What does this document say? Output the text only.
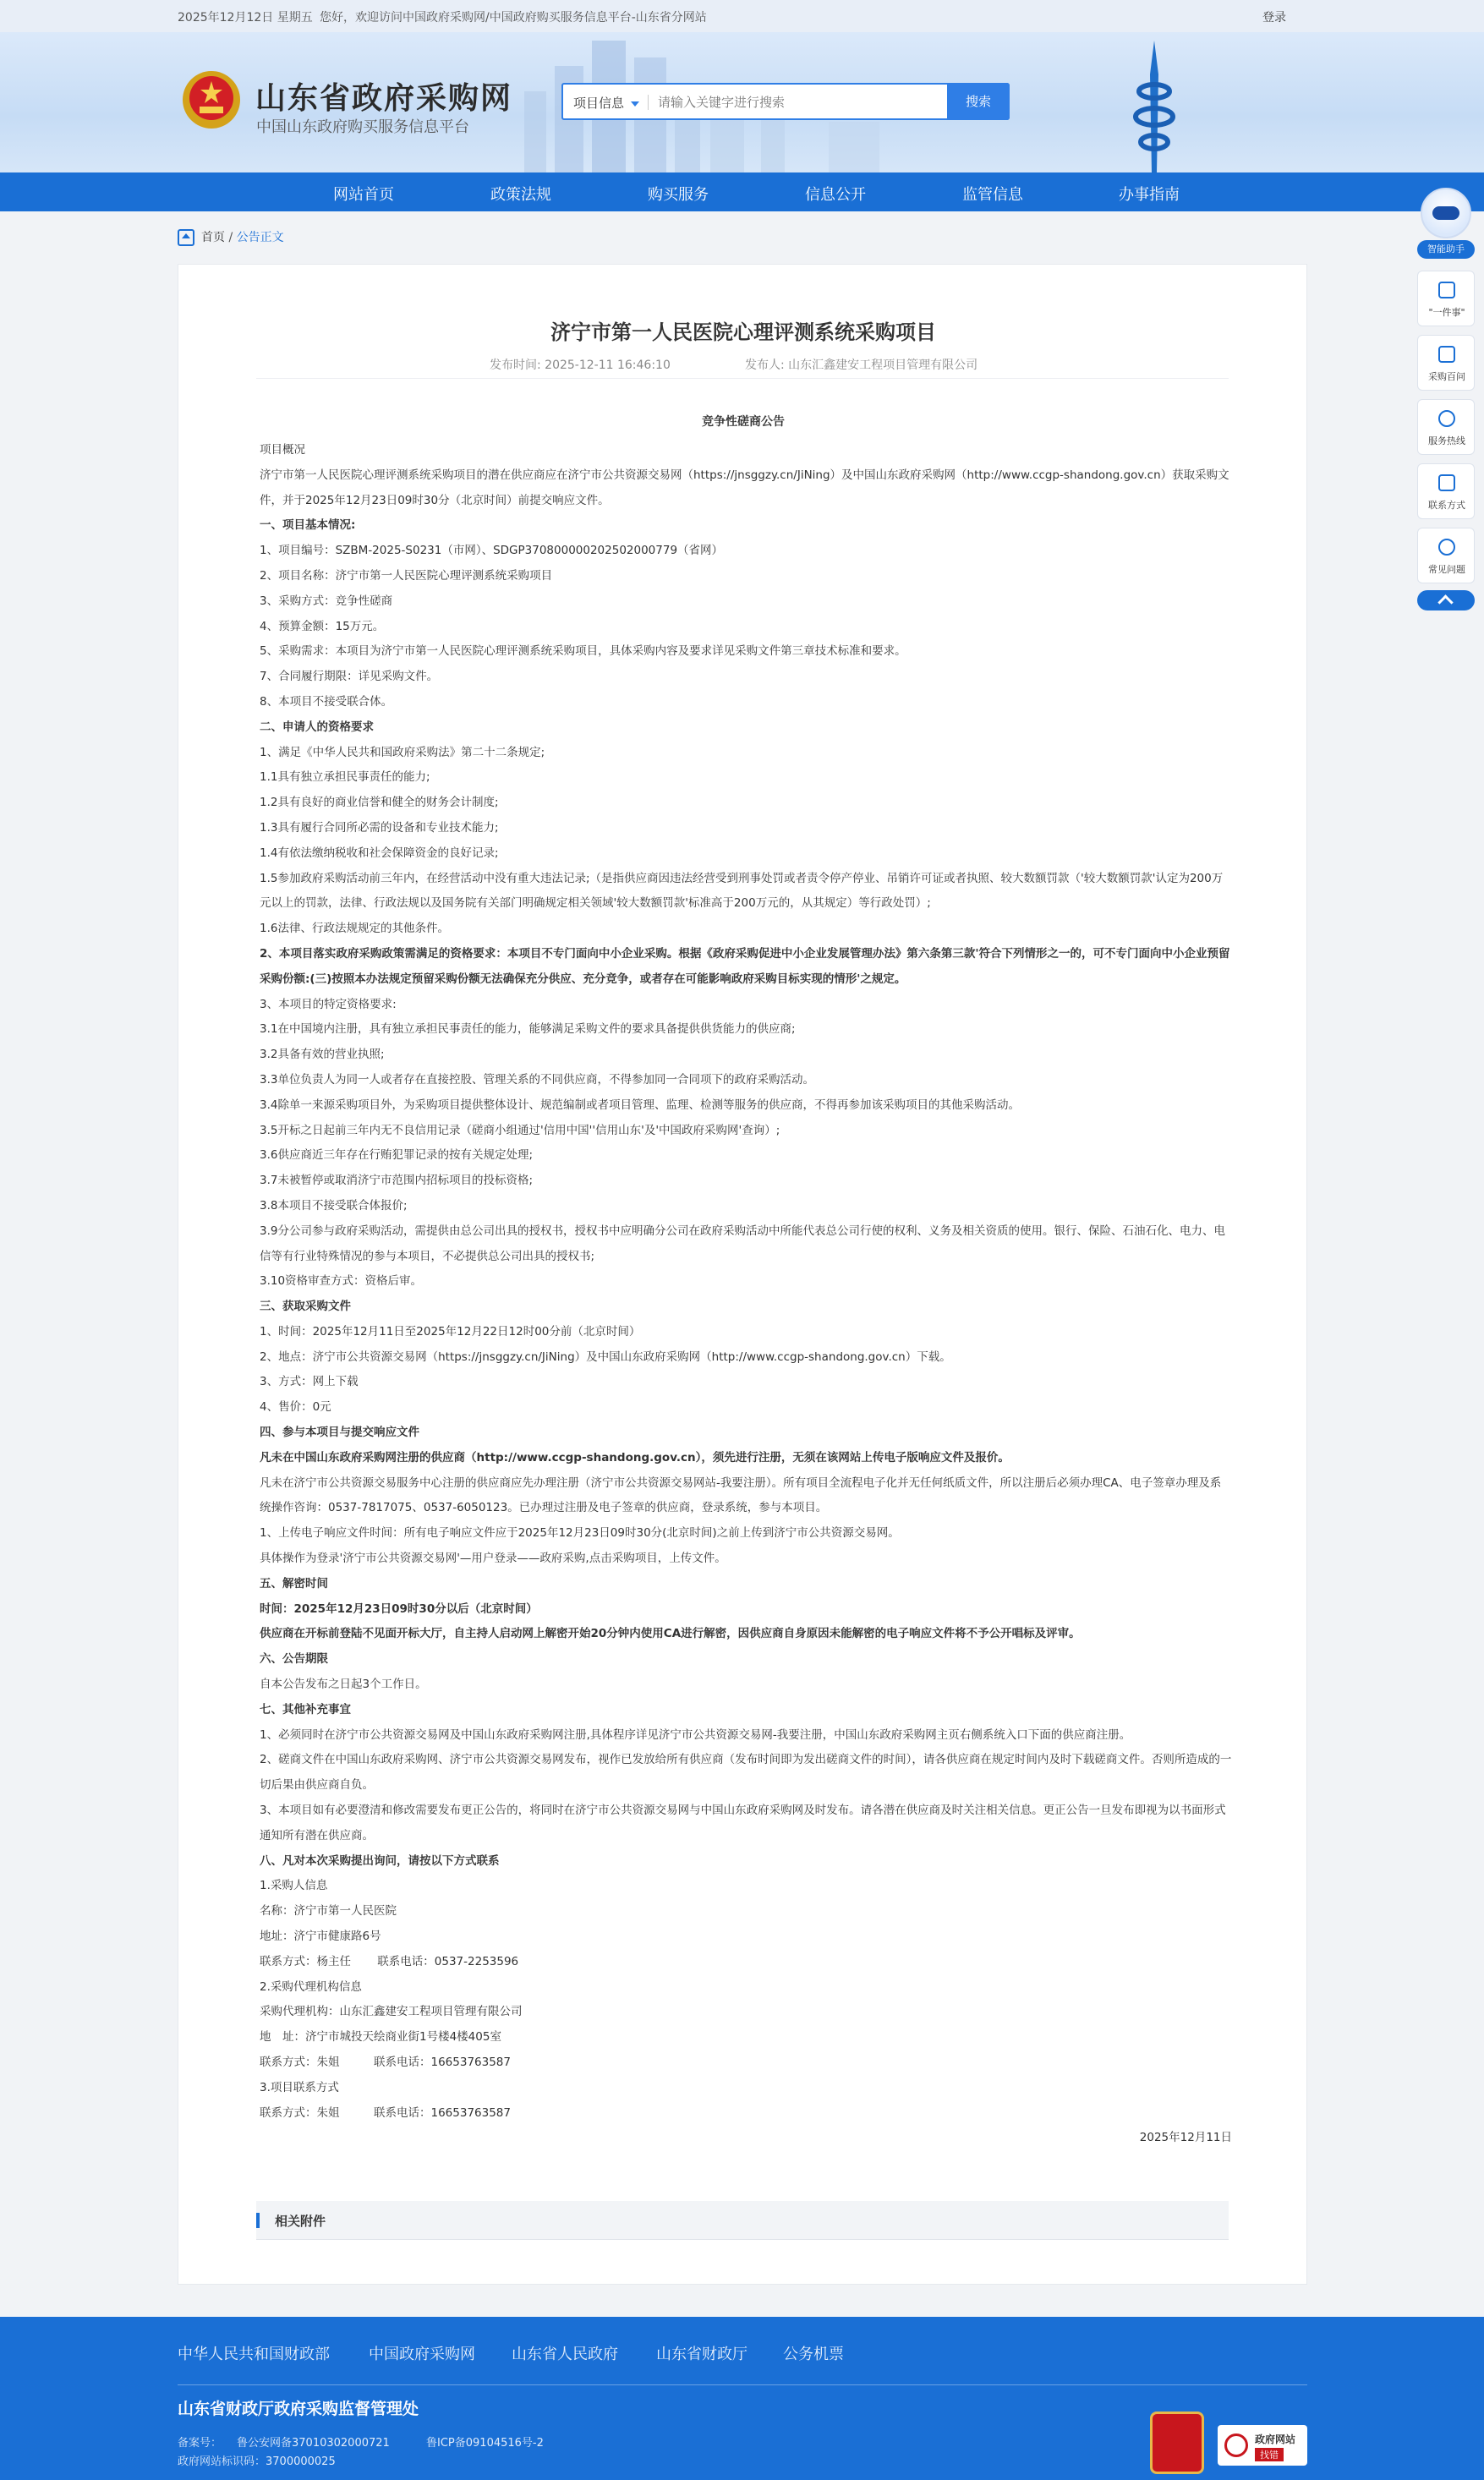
2025年12月12日 星期五 您好，欢迎访问中国政府采购网/中国政府购买服务信息平台-山东省分网站	登录
山东省政府采购网
中国山东政府购买服务信息平台
项目信息
请输入关键字进行搜索	搜索
网站首页	政策法规	购买服务	信息公开	监管信息	办事指南
首页 / 公告正文
济宁市第一人民医院心理评测系统采购项目
发布时间: 2025-12-11 16:46:10	发布人: 山东汇鑫建安工程项目管理有限公司
竞争性磋商公告

项目概况

济宁市第一人民医院心理评测系统采购项目的潜在供应商应在济宁市公共资源交易网（https://jnsggzy.cn/JiNing）及中国山东政府采购网（http://www.ccgp-shandong.gov.cn）获取采购文件，并于2025年12月23日09时30分（北京时间）前提交响应文件。

一、项目基本情况:

1、项目编号：SZBM-2025-S0231（市网）、SDGP370800000202502000779（省网）

2、项目名称：济宁市第一人民医院心理评测系统采购项目

3、采购方式：竞争性磋商

4、预算金额：15万元。

5、采购需求：本项目为济宁市第一人民医院心理评测系统采购项目，具体采购内容及要求详见采购文件第三章技术标准和要求。

7、合同履行期限：详见采购文件。

8、本项目不接受联合体。

二、申请人的资格要求

1、满足《中华人民共和国政府采购法》第二十二条规定;

1.1具有独立承担民事责任的能力;

1.2具有良好的商业信誉和健全的财务会计制度;

1.3具有履行合同所必需的设备和专业技术能力;

1.4有依法缴纳税收和社会保障资金的良好记录;

1.5参加政府采购活动前三年内，在经营活动中没有重大违法记录;（是指供应商因违法经营受到刑事处罚或者责令停产停业、吊销许可证或者执照、较大数额罚款（'较大数额罚款'认定为200万元以上的罚款，法律、行政法规以及国务院有关部门明确规定相关领域'较大数额罚款'标准高于200万元的，从其规定）等行政处罚）;

1.6法律、行政法规规定的其他条件。

2、本项目落实政府采购政策需满足的资格要求：本项目不专门面向中小企业采购。根据《政府采购促进中小企业发展管理办法》第六条第三款'符合下列情形之一的，可不专门面向中小企业预留采购份额:(三)按照本办法规定预留采购份额无法确保充分供应、充分竞争，或者存在可能影响政府采购目标实现的情形'之规定。

3、本项目的特定资格要求:

3.1在中国境内注册，具有独立承担民事责任的能力，能够满足采购文件的要求具备提供供货能力的供应商;

3.2具备有效的营业执照;

3.3单位负责人为同一人或者存在直接控股、管理关系的不同供应商，不得参加同一合同项下的政府采购活动。

3.4除单一来源采购项目外，为采购项目提供整体设计、规范编制或者项目管理、监理、检测等服务的供应商，不得再参加该采购项目的其他采购活动。

3.5开标之日起前三年内无不良信用记录（磋商小组通过'信用中国''信用山东'及'中国政府采购网'查询）;

3.6供应商近三年存在行贿犯罪记录的按有关规定处理;

3.7未被暂停或取消济宁市范围内招标项目的投标资格;

3.8本项目不接受联合体报价;

3.9分公司参与政府采购活动，需提供由总公司出具的授权书，授权书中应明确分公司在政府采购活动中所能代表总公司行使的权利、义务及相关资质的使用。银行、保险、石油石化、电力、电信等有行业特殊情况的参与本项目，不必提供总公司出具的授权书;

3.10资格审查方式：资格后审。

三、获取采购文件

1、时间：2025年12月11日至2025年12月22日12时00分前（北京时间）

2、地点：济宁市公共资源交易网（https://jnsggzy.cn/JiNing）及中国山东政府采购网（http://www.ccgp-shandong.gov.cn）下载。

3、方式：网上下载

4、售价：0元

四、参与本项目与提交响应文件

凡未在中国山东政府采购网注册的供应商（http://www.ccgp-shandong.gov.cn），须先进行注册，无须在该网站上传电子版响应文件及报价。

凡未在济宁市公共资源交易服务中心注册的供应商应先办理注册（济宁市公共资源交易网站-我要注册）。所有项目全流程电子化并无任何纸质文件，所以注册后必须办理CA、电子签章办理及系统操作咨询：0537-7817075、0537-6050123。已办理过注册及电子签章的供应商，登录系统，参与本项目。

1、上传电子响应文件时间：所有电子响应文件应于2025年12月23日09时30分(北京时间)之前上传到济宁市公共资源交易网。

具体操作为登录'济宁市公共资源交易网'—用户登录——政府采购,点击采购项目，上传文件。

五、解密时间

时间：2025年12月23日09时30分以后（北京时间）

供应商在开标前登陆不见面开标大厅，自主持人启动网上解密开始20分钟内使用CA进行解密，因供应商自身原因未能解密的电子响应文件将不予公开唱标及评审。

六、公告期限

自本公告发布之日起3个工作日。

七、其他补充事宜

1、必须同时在济宁市公共资源交易网及中国山东政府采购网注册,具体程序详见济宁市公共资源交易网-我要注册，中国山东政府采购网主页右侧系统入口下面的供应商注册。

2、磋商文件在中国山东政府采购网、济宁市公共资源交易网发布，视作已发放给所有供应商（发布时间即为发出磋商文件的时间），请各供应商在规定时间内及时下载磋商文件。否则所造成的一切后果由供应商自负。

3、本项目如有必要澄清和修改需要发布更正公告的，将同时在济宁市公共资源交易网与中国山东政府采购网及时发布。请各潜在供应商及时关注相关信息。更正公告一旦发布即视为以书面形式通知所有潜在供应商。

八、凡对本次采购提出询问，请按以下方式联系

1.采购人信息

名称：济宁市第一人民医院

地址：济宁市健康路6号

联系方式：杨主任　　 联系电话：0537-2253596

2.采购代理机构信息

采购代理机构：山东汇鑫建安工程项目管理有限公司

地　址：济宁市城投天绘商业街1号楼4楼405室

联系方式：朱姐　　　联系电话：16653763587

3.项目联系方式

联系方式：朱姐　　　联系电话：16653763587

2025年12月11日

相关附件
智能助手
"一件事"
采购百问
服务热线
联系方式
常见问题
中华人民共和国财政部	中国政府采购网 山东省人民政府	山东省财政厅 公务机票
山东省财政厅政府采购监督管理处
备案号： 鲁公安网备37010302000721	鲁ICP备09104516号-2
政府网站标识码：3700000025
政府网站
找错
